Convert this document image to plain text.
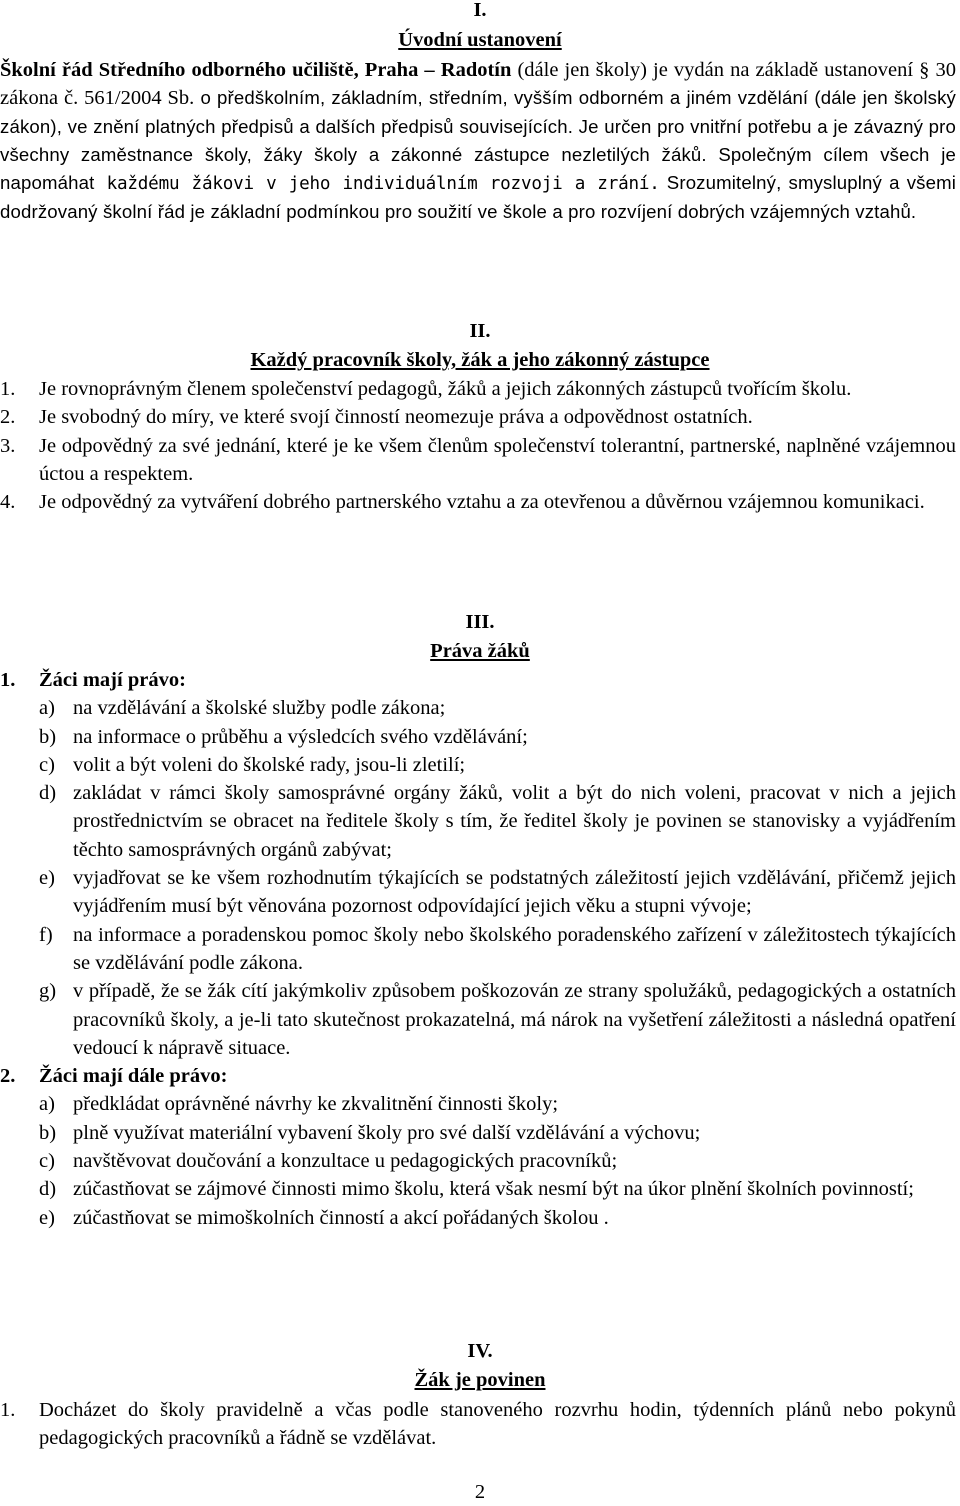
I.
Úvodní ustanovení
Školní řád Středního odborného učiliště, Praha – Radotín (dále jen školy) je vydán na základě ustanovení § 30 zákona č. 561/2004 Sb. o předškolním, základním, středním, vyšším odborném a jiném vzdělání (dále jen školský zákon), ve znění platných předpisů a dalších předpisů souvisejících. Je určen pro vnitřní potřebu a je závazný pro všechny zaměstnance školy, žáky školy a zákonné zástupce nezletilých žáků. Společným cílem všech je napomáhat každému žákovi v jeho individuálním rozvoji a zrání. Srozumitelný, smysluplný a všemi dodržovaný školní řád je základní podmínkou pro soužití ve škole a pro rozvíjení dobrých vzájemných vztahů.
II.
Každý pracovník školy, žák a jeho zákonný zástupce
1. Je rovnoprávným členem společenství pedagogů, žáků a jejich zákonných zástupců tvořícím školu.
2. Je svobodný do míry, ve které svojí činností neomezuje práva a odpovědnost ostatních.
3. Je odpovědný za své jednání, které je ke všem členům společenství tolerantní, partnerské, naplněné vzájemnou úctou a respektem.
4. Je odpovědný za vytváření dobrého partnerského vztahu a za otevřenou a důvěrnou vzájemnou komunikaci.
III.
Práva žáků
1. Žáci mají právo:
a) na vzdělávání a školské služby podle zákona;
b) na informace o průběhu a výsledcích svého vzdělávání;
c) volit a být voleni do školské rady, jsou-li zletilí;
d) zakládat v rámci školy samosprávné orgány žáků, volit a být do nich voleni, pracovat v nich a jejich prostřednictvím se obracet na ředitele školy s tím, že ředitel školy je povinen se stanovisky a vyjádřením těchto samosprávných orgánů zabývat;
e) vyjadřovat se ke všem rozhodnutím týkajících se podstatných záležitostí jejich vzdělávání, přičemž jejich vyjádřením musí být věnována pozornost odpovídající jejich věku a stupni vývoje;
f) na informace a poradenskou pomoc školy nebo školského poradenského zařízení v záležitostech týkajících se vzdělávání podle zákona.
g) v případě, že se žák cítí jakýmkoliv způsobem poškozován ze strany spolužáků, pedagogických a ostatních pracovníků školy, a je-li tato skutečnost prokazatelná, má nárok na vyšetření záležitosti a následná opatření vedoucí k nápravě situace.
2. Žáci mají dále právo:
a) předkládat oprávněné návrhy ke zkvalitnění činnosti školy;
b) plně využívat materiální vybavení školy pro své další vzdělávání a výchovu;
c) navštěvovat doučování a konzultace u pedagogických pracovníků;
d) zúčastňovat se zájmové činnosti mimo školu, která však nesmí být na úkor plnění školních povinností;
e) zúčastňovat se mimoškolních činností a akcí pořádaných školou .
IV.
Žák je povinen
1. Docházet do školy pravidelně a včas podle stanoveného rozvrhu hodin, týdenních plánů nebo pokynů pedagogických pracovníků a řádně se vzdělávat.
2
